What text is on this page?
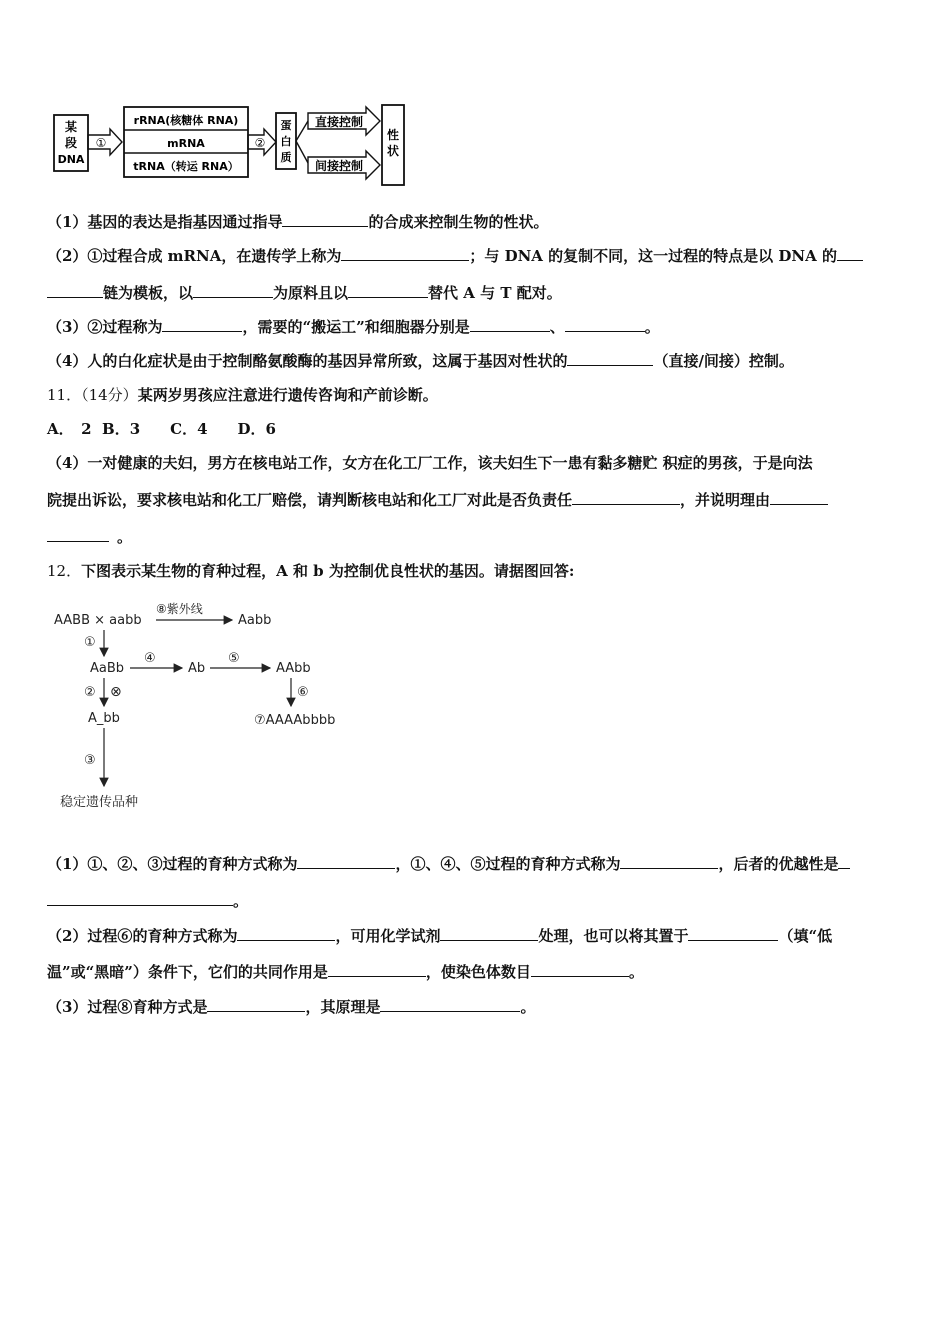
某
段
DNA
①
rRNA(核糖体 RNA)
mRNA
tRNA（转运 RNA）
②
蛋
白
质
直接控制
间接控制
性
状
（1）基因的表达是指基因通过指导	的合成来控制生物的性状。
（2）①过程合成 mRNA，在遗传学上称为	；与 DNA 的复制不同，这一过程的特点是以 DNA 的
链为模板，以	为原料且以	替代 A 与 T 配对。
（3）②过程称为	，需要的“搬运工”和细胞器分别是	、	。
（4）人的白化症状是由于控制酪氨酸酶的基因异常所致，这属于基因对性状的	（直接/间接）控制。
11．（14分）某两岁男孩应注意进行遗传咨询和产前诊断。
A．　2  B．3　　C．4　　D．6
（4）一对健康的夫妇，男方在核电站工作，女方在化工厂工作，该夫妇生下一患有黏多糖贮 积症的男孩，于是向法
院提出诉讼，要求核电站和化工厂赔偿，请判断核电站和化工厂对此是否负责任	，并说明理由
。
12．下图表示某生物的育种过程，A 和 b 为控制优良性状的基因。请据图回答:
AABB × aabb
⑧紫外线
Aabb
①
AaBb
④
Ab
⑤
AAbb
② ⊗	⑥
A_bb	⑦AAAAbbbb
③
稳定遗传品种
（1）①、②、③过程的育种方式称为	，①、④、⑤过程的育种方式称为	，后者的优越性是
。
（2）过程⑥的育种方式称为	，可用化学试剂	处理，也可以将其置于	（填“低
温”或“黑暗”）条件下，它们的共同作用是	，使染色体数目	。
（3）过程⑧育种方式是	，其原理是	。
